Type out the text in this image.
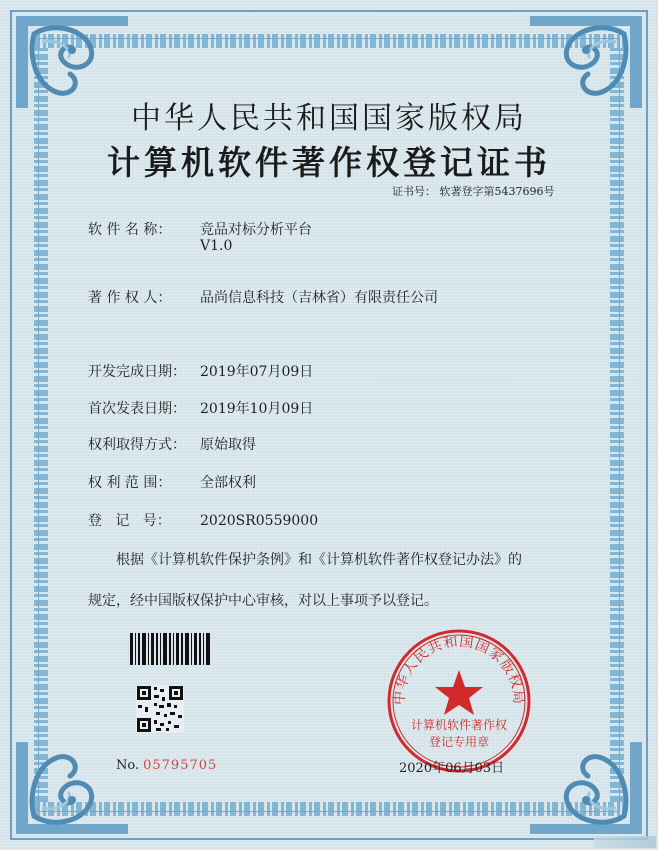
中华人民共和国国家版权局
计算机软件著作权登记证书
证书号： 软著登字第5437696号
软 件 名 称： 竞品对标分析平台
V1.0
著 作 权 人： 品尚信息科技（吉林省）有限责任公司
开发完成日期： 2019年07月09日
首次发表日期： 2019年10月09日
权利取得方式： 原始取得
权 利 范 围： 全部权利
登   记   号： 2020SR0559000
根据《计算机软件保护条例》和《计算机软件著作权登记办法》的
规定，经中国版权保护中心审核，对以上事项予以登记。
No. 05795705
中华人民共和国国家版权局
计算机软件著作权
登记专用章
2020年06月03日
